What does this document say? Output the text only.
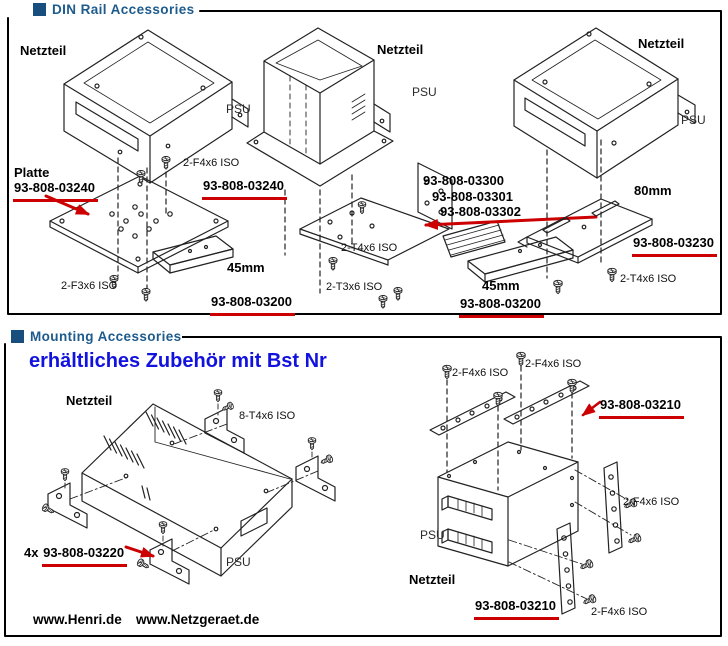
DIN Rail Accessories
Netzteil
PSU
Platte
93-808-03240
2-F4x6 ISO
93-808-03240
45mm
93-808-03200
2-F3x6 ISO
Netzteil
PSU
93-808-03300
93-808-03301
93-808-03302
2-T4x6 ISO
2-T3x6 ISO	45mm
93-808-03200
Netzteil
PSU
80mm
93-808-03230
2-T4x6 ISO
Mounting Accessories
erhältliches Zubehör mit Bst Nr
Netzteil
8-T4x6 ISO
4x 93-808-03220
PSU
2-F4x6 ISO
2-F4x6 ISO
93-808-03210
2-F4x6 ISO
PSU
Netzteil
93-808-03210	2-F4x6 ISO
www.Henri.de www.Netzgeraet.de
